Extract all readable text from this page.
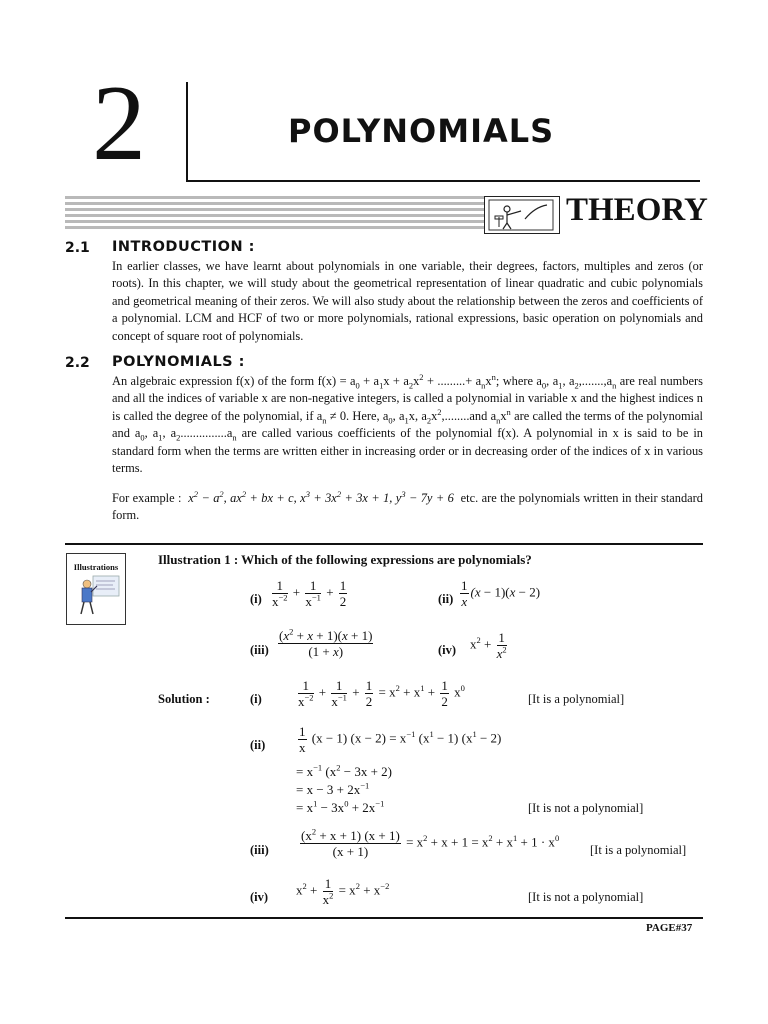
2	POLYNOMIALS
THEORY
2.1 INTRODUCTION :
In earlier classes, we have learnt about polynomials in one variable, their degrees, factors, multiples and zeros (or roots). In this chapter, we will study about the geometrical representation of linear quadratic and cubic polynomials and geometrical meaning of their zeros. We will also study about the relationship between the zeros and coefficients of a polynomial. LCM and HCF of two or more polynomials, rational expressions, basic operation on polynomials and concept of square root of polynomials.
2.2 POLYNOMIALS :

An algebraic expression f(x) of the form $f(x) = a_0 + a_1x + a_2x^2$ + .........+ $a_nx^n$; where $a_0$, $a_1$, $a_2,.......,a_n$ are real numbers and all the indices of variable x are non-negative integers, is called a polynomial in variable x and the highest indices n is called the degree of the polynomial, if $a_n \ne 0$. Here, $a_0$, $a_1x$, $a_2x^2,........and$ $a_nx^n$ are called the terms of the polynomial and $a_0$, $a_1$, $a_2...............a_n$ are called various coefficients of the polynomial f(x). A polynomial in x is said to be in standard form when the terms are written either in increasing order or in decreasing order of the indices of x in various terms.

For example :  $x^2 - a^2$, $ax^2$ + bx + c, $x^3 + 3x^2 + 3x + 1$, $y^3 - 7y + 6$  etc. are the polynomials written in their standard form.
Illustrations	Illustration 1 : Which of the following expressions are polynomials?
$(i) \frac{1}{x^{-2}} + \frac{1}{x^{-1}} + \frac{1}{2}$	$(ii) \frac{1}{x} (x - 1)(x - 2)$
$(iii) \frac{(x^2 + x + 1)(x + 1)}{(1 + x)}$	(iv) $x^2 + \frac{1}{x^2}$
Solution :	(i)	$\frac{1}{x^{-2}} + \frac{1}{x^{-1}} + \frac{1}{2} = x^2 + x^1 + \frac{1}{2} x^0$
[It is a polynomial]
(ii)	$\frac{1}{x} (x - 1) (x - 2) = x^{-1}$ $(x^1 - 1) (x^1 - 2)$
= $x^{-1}$ $(x^2 - 3x + 2)$
= $x - 3 + 2x^{-1}$
= $x^1 - 3x^0 + 2x^{-1}$	[It is not a polynomial]
$(iii) \frac{(x^2 + x + 1) (x + 1)}{(x + 1)} = x^2 + x + 1 = x^2 + x^1 + 1 \cdot x^0$
[It is a polynomial]
(iv) $x^2 + \frac{1}{x^2} = x^2 + x^{-2}$
[It is not a polynomial]
PAGE#37
